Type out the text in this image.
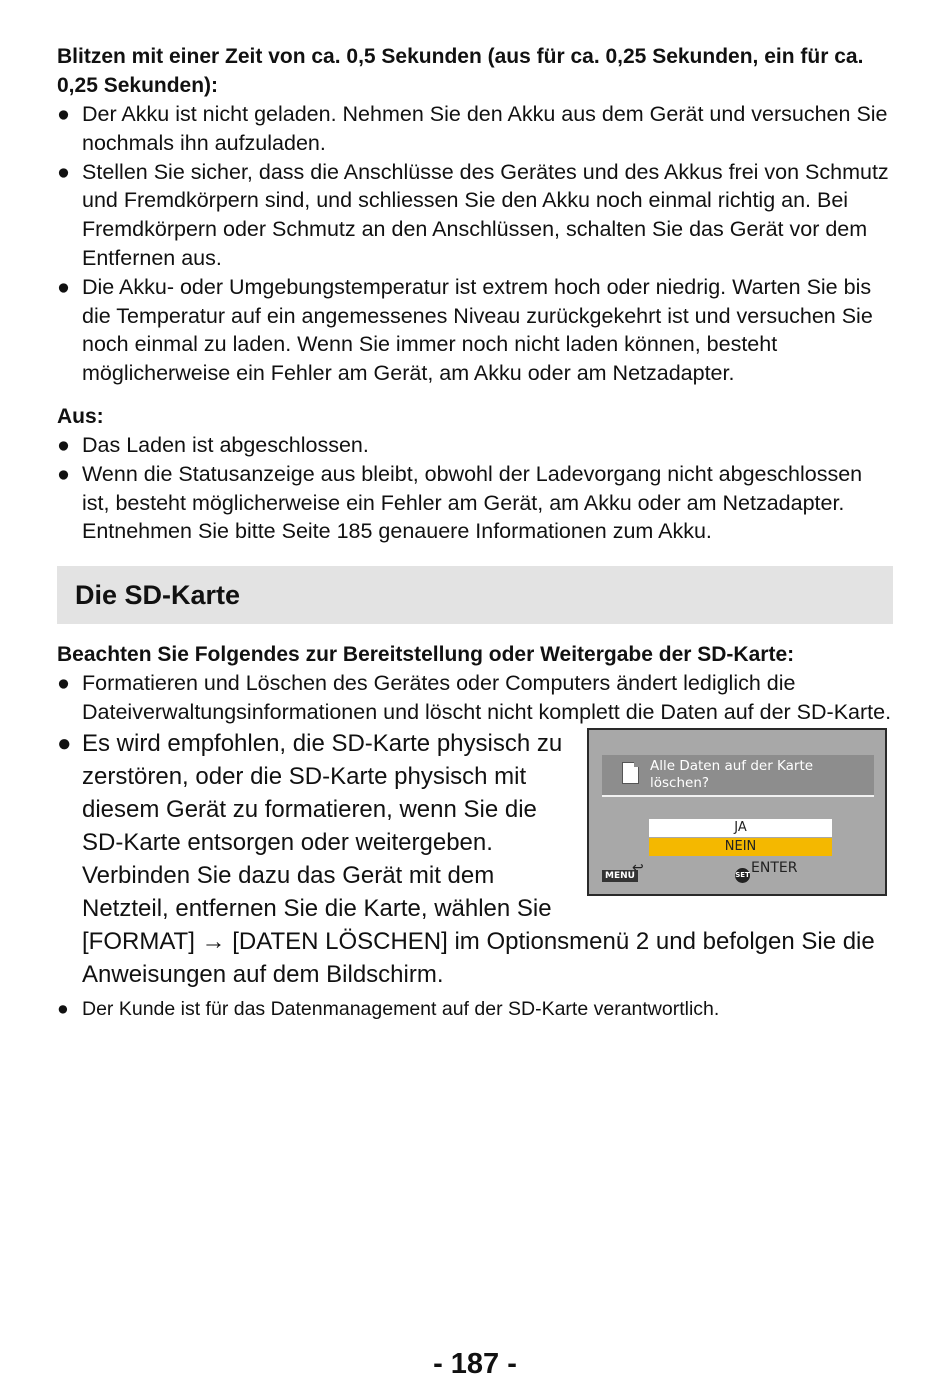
Blitzen mit einer Zeit von ca. 0,5 Sekunden (aus für ca. 0,25 Sekunden, ein für ca. 0,25 Sekunden):

● Der Akku ist nicht geladen. Nehmen Sie den Akku aus dem Gerät und versuchen Sie nochmals ihn aufzuladen.
● Stellen Sie sicher, dass die Anschlüsse des Gerätes und des Akkus frei von Schmutz und Fremdkörpern sind, und schliessen Sie den Akku noch einmal richtig an. Bei Fremdkörpern oder Schmutz an den Anschlüssen, schalten Sie das Gerät vor dem Entfernen aus.
● Die Akku- oder Umgebungstemperatur ist extrem hoch oder niedrig. Warten Sie bis die Temperatur auf ein angemessenes Niveau zurückgekehrt ist und versuchen Sie noch einmal zu laden. Wenn Sie immer noch nicht laden können, besteht möglicherweise ein Fehler am Gerät, am Akku oder am Netzadapter.

Aus:

● Das Laden ist abgeschlossen.
● Wenn die Statusanzeige aus bleibt, obwohl der Ladevorgang nicht abgeschlossen ist, besteht möglicherweise ein Fehler am Gerät, am Akku oder am Netzadapter. Entnehmen Sie bitte Seite 185 genauere Informationen zum Akku.
Die SD-Karte

Beachten Sie Folgendes zur Bereitstellung oder Weitergabe der SD-Karte:

● Formatieren und Löschen des Gerätes oder Computers ändert lediglich die Dateiverwaltungsinformationen und löscht nicht komplett die Daten auf der SD-Karte.
●
Alle Daten auf der Karte
löschen?
JA
NEIN
MENU
↩	SET ENTER
Es wird empfohlen, die SD-Karte physisch zu zerstören, oder die SD-Karte physisch mit diesem Gerät zu formatieren, wenn Sie die SD-Karte entsorgen oder weitergeben. Verbinden Sie dazu das Gerät mit dem Netzteil, entfernen Sie die Karte, wählen Sie [FORMAT] → [DATEN LÖSCHEN] im Optionsmenü 2 und befolgen Sie die Anweisungen auf dem Bildschirm.
● Der Kunde ist für das Datenmanagement auf der SD-Karte verantwortlich.
- 187 -
